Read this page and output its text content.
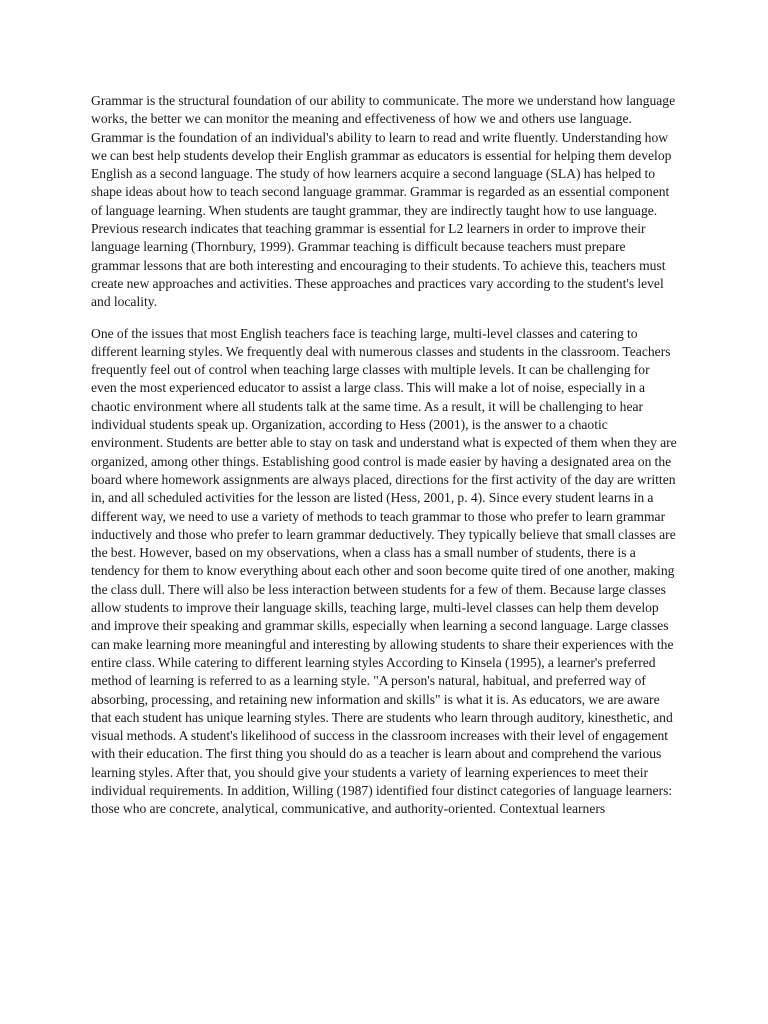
Grammar is the structural foundation of our ability to communicate. The more we understand how language works, the better we can monitor the meaning and effectiveness of how we and others use language. Grammar is the foundation of an individual's ability to learn to read and write fluently. Understanding how we can best help students develop their English grammar as educators is essential for helping them develop English as a second language. The study of how learners acquire a second language (SLA) has helped to shape ideas about how to teach second language grammar. Grammar is regarded as an essential component of language learning. When students are taught grammar, they are indirectly taught how to use language. Previous research indicates that teaching grammar is essential for L2 learners in order to improve their language learning (Thornbury, 1999). Grammar teaching is difficult because teachers must prepare grammar lessons that are both interesting and encouraging to their students. To achieve this, teachers must create new approaches and activities. These approaches and practices vary according to the student's level and locality.

One of the issues that most English teachers face is teaching large, multi-level classes and catering to different learning styles. We frequently deal with numerous classes and students in the classroom. Teachers frequently feel out of control when teaching large classes with multiple levels. It can be challenging for even the most experienced educator to assist a large class. This will make a lot of noise, especially in a chaotic environment where all students talk at the same time. As a result, it will be challenging to hear individual students speak up. Organization, according to Hess (2001), is the answer to a chaotic environment. Students are better able to stay on task and understand what is expected of them when they are organized, among other things. Establishing good control is made easier by having a designated area on the board where homework assignments are always placed, directions for the first activity of the day are written in, and all scheduled activities for the lesson are listed (Hess, 2001, p. 4). Since every student learns in a different way, we need to use a variety of methods to teach grammar to those who prefer to learn grammar inductively and those who prefer to learn grammar deductively. They typically believe that small classes are the best. However, based on my observations, when a class has a small number of students, there is a tendency for them to know everything about each other and soon become quite tired of one another, making the class dull. There will also be less interaction between students for a few of them. Because large classes allow students to improve their language skills, teaching large, multi-level classes can help them develop and improve their speaking and grammar skills, especially when learning a second language. Large classes can make learning more meaningful and interesting by allowing students to share their experiences with the entire class. While catering to different learning styles According to Kinsela (1995), a learner's preferred method of learning is referred to as a learning style. "A person's natural, habitual, and preferred way of absorbing, processing, and retaining new information and skills" is what it is. As educators, we are aware that each student has unique learning styles. There are students who learn through auditory, kinesthetic, and visual methods. A student's likelihood of success in the classroom increases with their level of engagement with their education. The first thing you should do as a teacher is learn about and comprehend the various learning styles. After that, you should give your students a variety of learning experiences to meet their individual requirements. In addition, Willing (1987) identified four distinct categories of language learners: those who are concrete, analytical, communicative, and authority-oriented. Contextual learners
